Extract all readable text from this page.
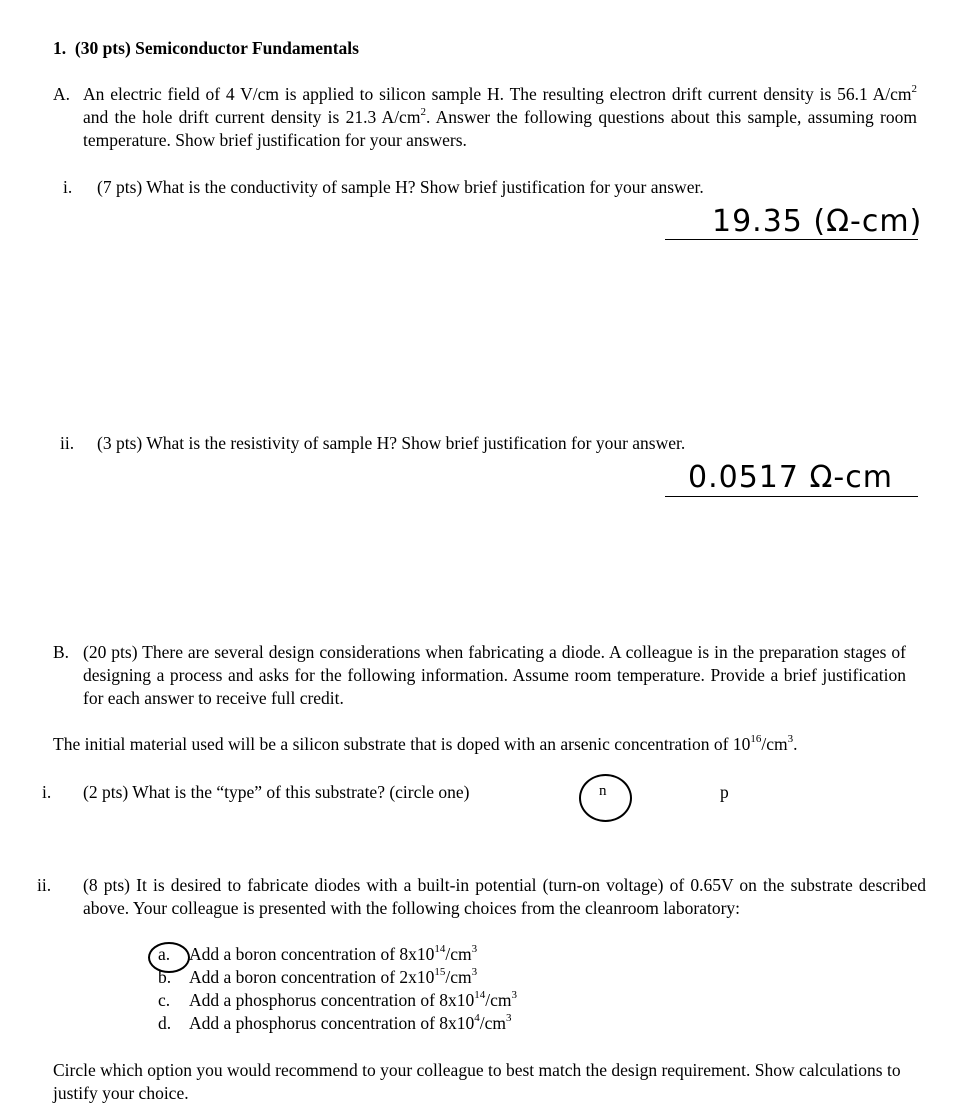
1. (30 pts) Semiconductor Fundamentals
A. An electric field of 4 V/cm is applied to silicon sample H. The resulting electron drift current density is 56.1 $A/cm^2$ and the hole drift current density is 21.3 $A/cm^2$. Answer the following questions about this sample, assuming room temperature. Show brief justification for your answers.
i. (7 pts) What is the conductivity of sample H? Show brief justification for your answer.
19.35 (Ω-cm)
ii. (3 pts) What is the resistivity of sample H? Show brief justification for your answer.
0.0517 Ω-cm
B. (20 pts) There are several design considerations when fabricating a diode. A colleague is in the preparation stages of designing a process and asks for the following information. Assume room temperature. Provide a brief justification for each answer to receive full credit.
The initial material used will be a silicon substrate that is doped with an arsenic concentration of $10^{16}/cm^3$.
i. (2 pts) What is the “type” of this substrate? (circle one)	n	p
ii. (8 pts) It is desired to fabricate diodes with a built-in potential (turn-on voltage) of 0.65V on the substrate described above. Your colleague is presented with the following choices from the cleanroom laboratory:
a. Add a boron concentration of $8x10^{14}/cm^3$
b. Add a boron concentration of $2x10^{15}/cm^3$
c. Add a phosphorus concentration of $8x10^{14}/cm^3$
d. Add a phosphorus concentration of $8x10^4/cm^3$
Circle which option you would recommend to your colleague to best match the design requirement. Show calculations to justify your choice.
